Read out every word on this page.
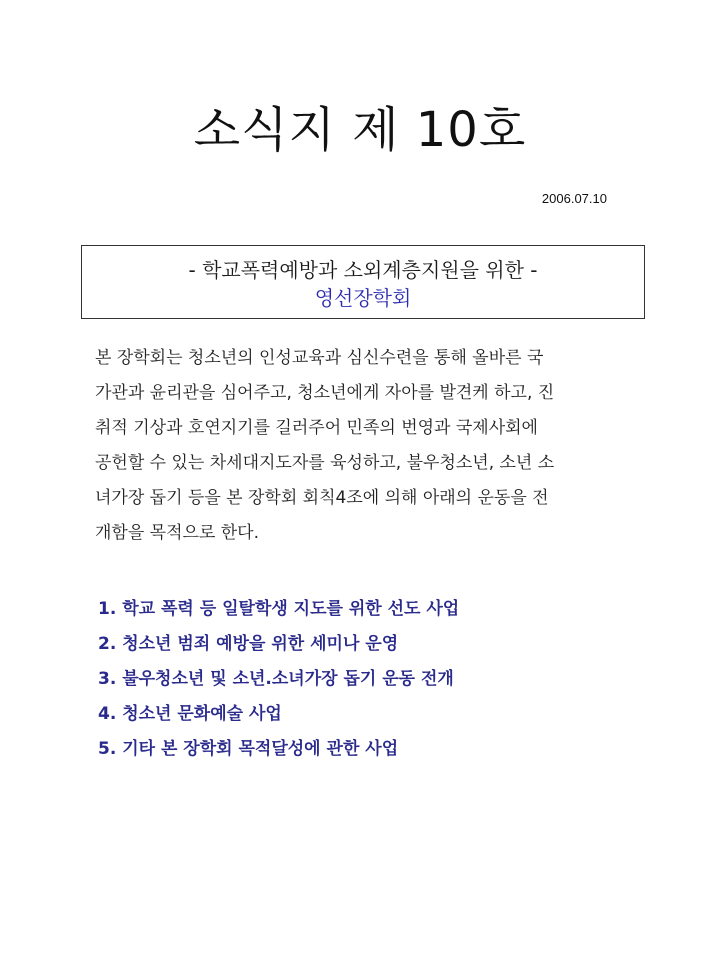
소식지 제 10호
2006.07.10
- 학교폭력예방과 소외계층지원을 위한 -
영선장학회

본 장학회는 청소년의 인성교육과 심신수련을 통해 올바른 국
가관과 윤리관을 심어주고, 청소년에게 자아를 발견케 하고, 진
취적 기상과 호연지기를 길러주어 민족의 번영과 국제사회에
공헌할 수 있는 차세대지도자를 육성하고, 불우청소년, 소년 소
녀가장 돕기 등을 본 장학회 회칙4조에 의해 아래의 운동을 전
개함을 목적으로 한다.

1. 학교 폭력 등 일탈학생 지도를 위한 선도 사업
2. 청소년 범죄 예방을 위한 세미나 운영
3. 불우청소년 및 소년.소녀가장 돕기 운동 전개
4. 청소년 문화예술 사업
5. 기타 본 장학회 목적달성에 관한 사업
